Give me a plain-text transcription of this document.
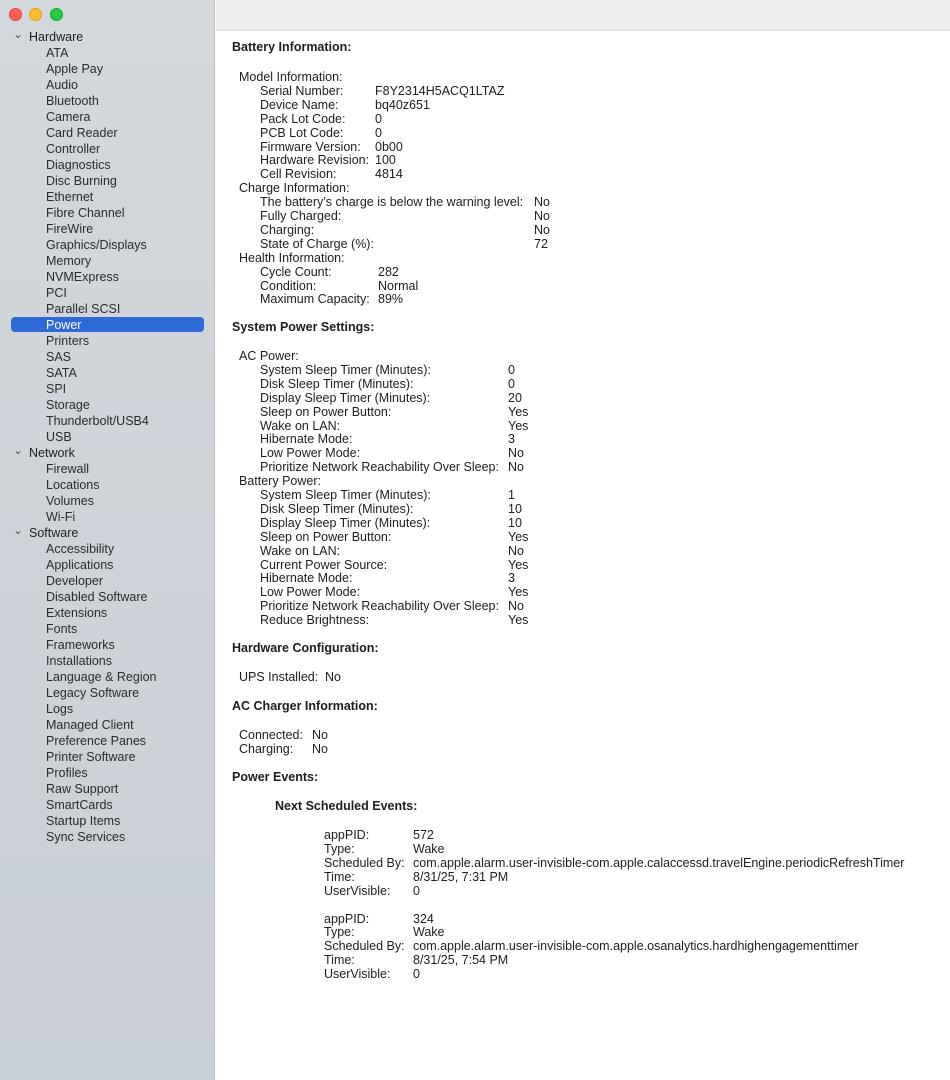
⌄ Hardware
ATA
Apple Pay
Audio
Bluetooth
Camera
Card Reader
Controller
Diagnostics
Disc Burning
Ethernet
Fibre Channel
FireWire
Graphics/Displays
Memory
NVMExpress
PCI
Parallel SCSI
Power
Printers
SAS
SATA
SPI
Storage
Thunderbolt/USB4
USB
⌄ Network
Firewall
Locations
Volumes
Wi-Fi
⌄ Software
Accessibility
Applications
Developer
Disabled Software
Extensions
Fonts
Frameworks
Installations
Language & Region
Legacy Software
Logs
Managed Client
Preference Panes
Printer Software
Profiles
Raw Support
SmartCards
Startup Items
Sync Services
Battery Information:
Model Information:
Serial Number:	F8Y2314H5ACQ1LTAZ
Device Name:	bq40z651
Pack Lot Code: 0
PCB Lot Code:	0
Firmware Version: 0b00
Hardware Revision: 100
Cell Revision:	4814
Charge Information:
The battery’s charge is below the warning level: No
Fully Charged:	No
Charging:	No
State of Charge (%):	72
Health Information:
Cycle Count:	282
Condition:	Normal
Maximum Capacity: 89%
System Power Settings:
AC Power:
System Sleep Timer (Minutes):	0
Disk Sleep Timer (Minutes):	0
Display Sleep Timer (Minutes):	20
Sleep on Power Button:	Yes
Wake on LAN:	Yes
Hibernate Mode:	3
Low Power Mode:	No
Prioritize Network Reachability Over Sleep: No
Battery Power:
System Sleep Timer (Minutes):	1
Disk Sleep Timer (Minutes):	10
Display Sleep Timer (Minutes):	10
Sleep on Power Button:	Yes
Wake on LAN:	No
Current Power Source:	Yes
Hibernate Mode:	3
Low Power Mode:	Yes
Prioritize Network Reachability Over Sleep: No
Reduce Brightness:	Yes
Hardware Configuration:
UPS Installed: No
AC Charger Information:
Connected: No
Charging: No
Power Events:
Next Scheduled Events:
appPID:	572
Type:	Wake
Scheduled By: com.apple.alarm.user-invisible-com.apple.calaccessd.travelEngine.periodicRefreshTimer
Time:	8/31/25, 7:31 PM
UserVisible: 0
appPID:	324
Type:	Wake
Scheduled By: com.apple.alarm.user-invisible-com.apple.osanalytics.hardhighengagementtimer
Time:	8/31/25, 7:54 PM
UserVisible: 0
